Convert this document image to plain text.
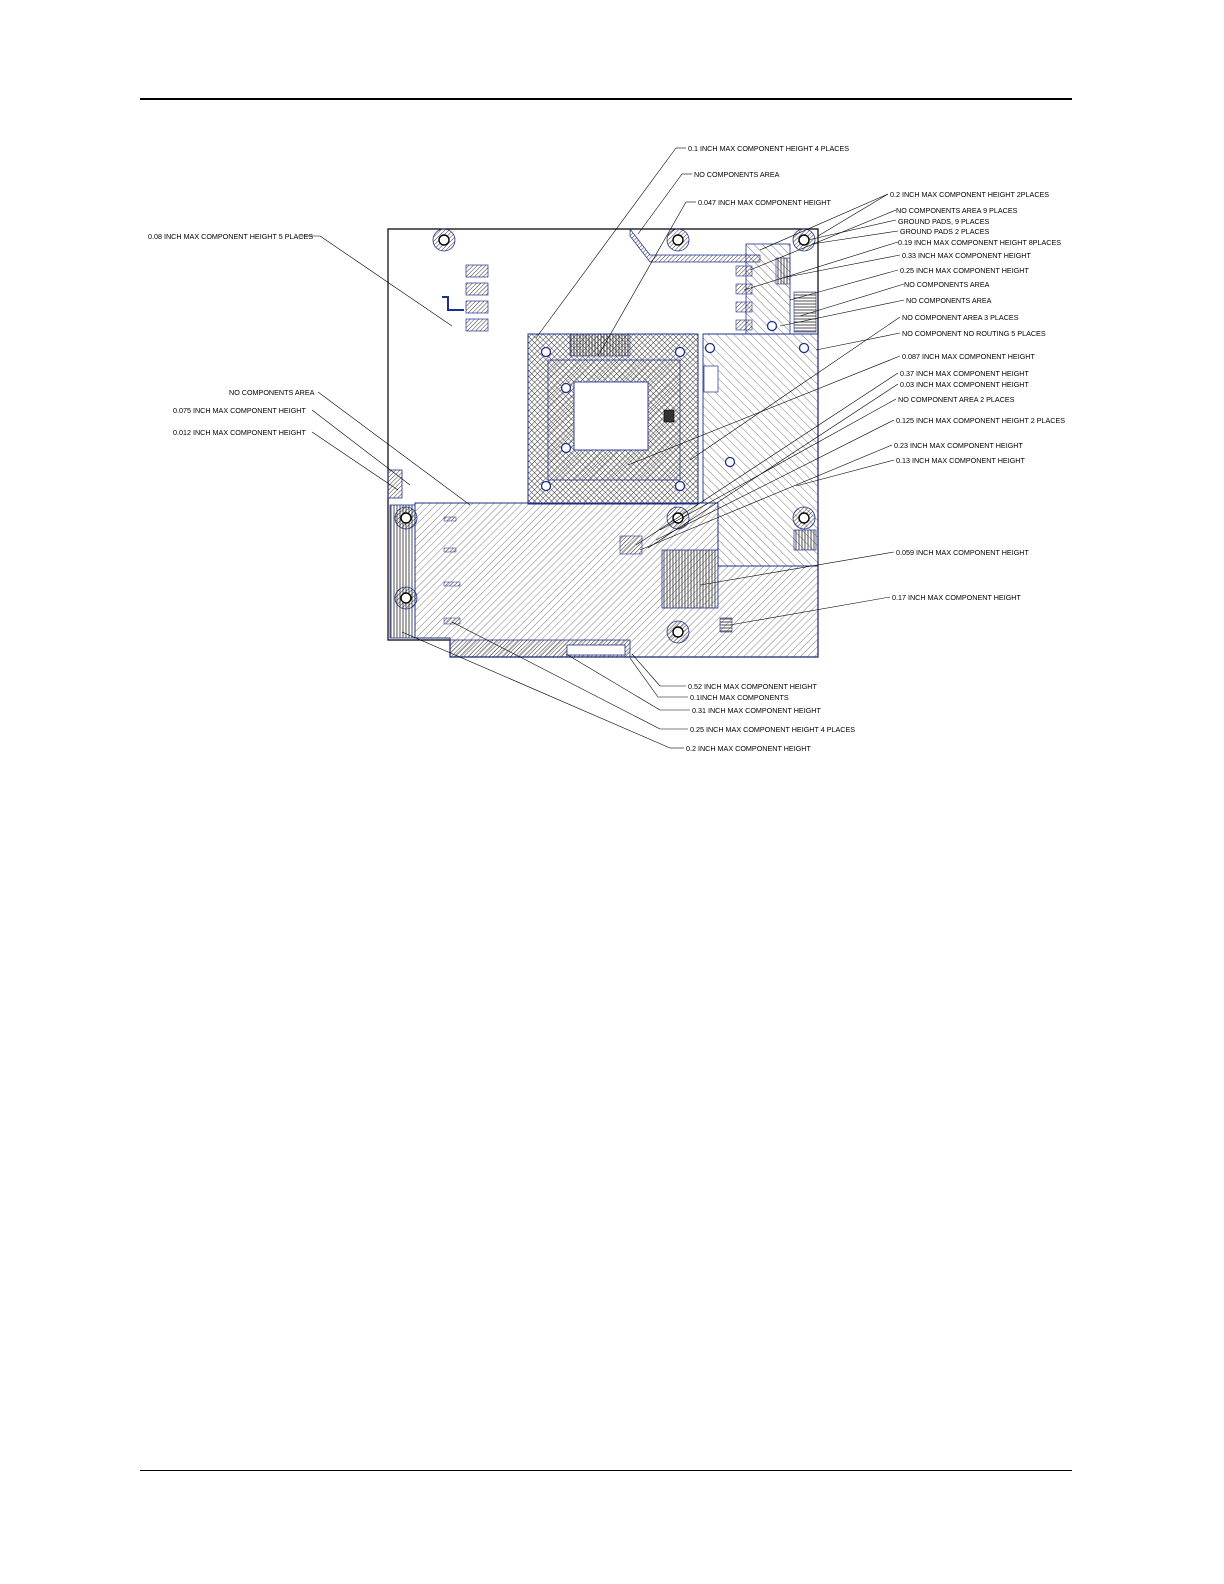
0.08 INCH MAX COMPONENT HEIGHT 5 PLACES
NO COMPONENTS AREA
0.075 INCH MAX COMPONENT HEIGHT
0.012 INCH MAX COMPONENT HEIGHT
0.1 INCH MAX COMPONENT HEIGHT 4 PLACES
NO COMPONENTS AREA
0.047 INCH MAX COMPONENT HEIGHT
0.2 INCH MAX COMPONENT HEIGHT 2PLACES
NO COMPONENTS AREA 9 PLACES
GROUND PADS, 9 PLACES
GROUND PADS 2 PLACES
0.19 INCH MAX COMPONENT HEIGHT 8PLACES
0.33 INCH MAX COMPONENT HEIGHT
0.25 INCH MAX COMPONENT HEIGHT
NO COMPONENTS AREA
NO COMPONENTS AREA
NO COMPONENT AREA 3 PLACES
NO COMPONENT NO ROUTING 5 PLACES
0.087 INCH MAX COMPONENT HEIGHT
0.37 INCH MAX COMPONENT HEIGHT
0.03 INCH MAX COMPONENT HEIGHT
NO COMPONENT AREA 2 PLACES
0.125 INCH MAX COMPONENT HEIGHT 2 PLACES
0.23 INCH MAX COMPONENT HEIGHT
0.13 INCH MAX COMPONENT HEIGHT
0.059 INCH MAX COMPONENT HEIGHT
0.17 INCH MAX COMPONENT HEIGHT
0.52 INCH MAX COMPONENT HEIGHT
0.1INCH MAX COMPONENTS
0.31 INCH MAX COMPONENT HEIGHT
0.25 INCH MAX COMPONENT HEIGHT 4 PLACES
0.2 INCH MAX COMPONENT HEIGHT
